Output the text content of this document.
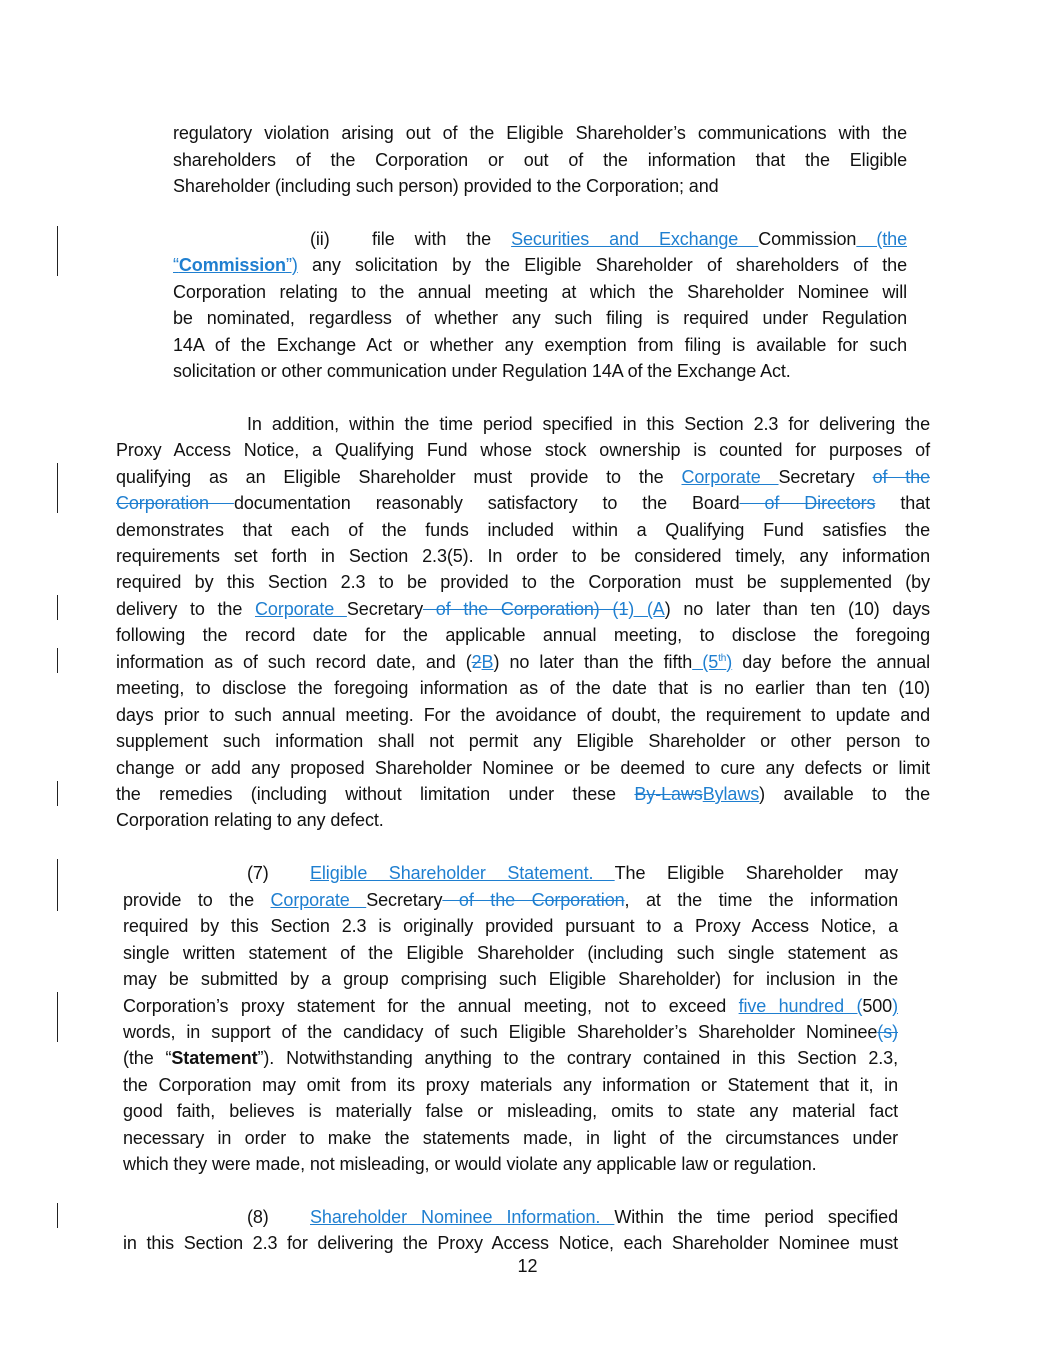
regulatory violation arising out of the Eligible Shareholder’s communications with the
shareholders of the Corporation or out of the information that the Eligible
Shareholder (including such person) provided to the Corporation; and
(ii) file with the Securities and Exchange Commission (the
“Commission”) any solicitation by the Eligible Shareholder of shareholders of the
Corporation relating to the annual meeting at which the Shareholder Nominee will
be nominated, regardless of whether any such filing is required under Regulation
14A of the Exchange Act or whether any exemption from filing is available for such
solicitation or other communication under Regulation 14A of the Exchange Act.
In addition, within the time period specified in this Section 2.3 for delivering the
Proxy Access Notice, a Qualifying Fund whose stock ownership is counted for purposes of
qualifying as an Eligible Shareholder must provide to the Corporate Secretary of the
Corporation documentation reasonably satisfactory to the Board of Directors that
demonstrates that each of the funds included within a Qualifying Fund satisfies the
requirements set forth in Section 2.3(5). In order to be considered timely, any information
required by this Section 2.3 to be provided to the Corporation must be supplemented (by
delivery to the Corporate Secretary of the Corporation) (1) (A) no later than ten (10) days
following the record date for the applicable annual meeting, to disclose the foregoing
information as of such record date, and (2B) no later than the fifth (5th) day before the annual
meeting, to disclose the foregoing information as of the date that is no earlier than ten (10)
days prior to such annual meeting. For the avoidance of doubt, the requirement to update and
supplement such information shall not permit any Eligible Shareholder or other person to
change or add any proposed Shareholder Nominee or be deemed to cure any defects or limit
the remedies (including without limitation under these By-LawsBylaws) available to the
Corporation relating to any defect.
(7) Eligible Shareholder Statement. The Eligible Shareholder may
provide to the Corporate Secretary of the Corporation, at the time the information
required by this Section 2.3 is originally provided pursuant to a Proxy Access Notice, a
single written statement of the Eligible Shareholder (including such single statement as
may be submitted by a group comprising such Eligible Shareholder) for inclusion in the
Corporation’s proxy statement for the annual meeting, not to exceed five hundred (500)
words, in support of the candidacy of such Eligible Shareholder’s Shareholder Nominee(s)
(the “Statement”). Notwithstanding anything to the contrary contained in this Section 2.3,
the Corporation may omit from its proxy materials any information or Statement that it, in
good faith, believes is materially false or misleading, omits to state any material fact
necessary in order to make the statements made, in light of the circumstances under
which they were made, not misleading, or would violate any applicable law or regulation.
(8) Shareholder Nominee Information. Within the time period specified
in this Section 2.3 for delivering the Proxy Access Notice, each Shareholder Nominee must
12
